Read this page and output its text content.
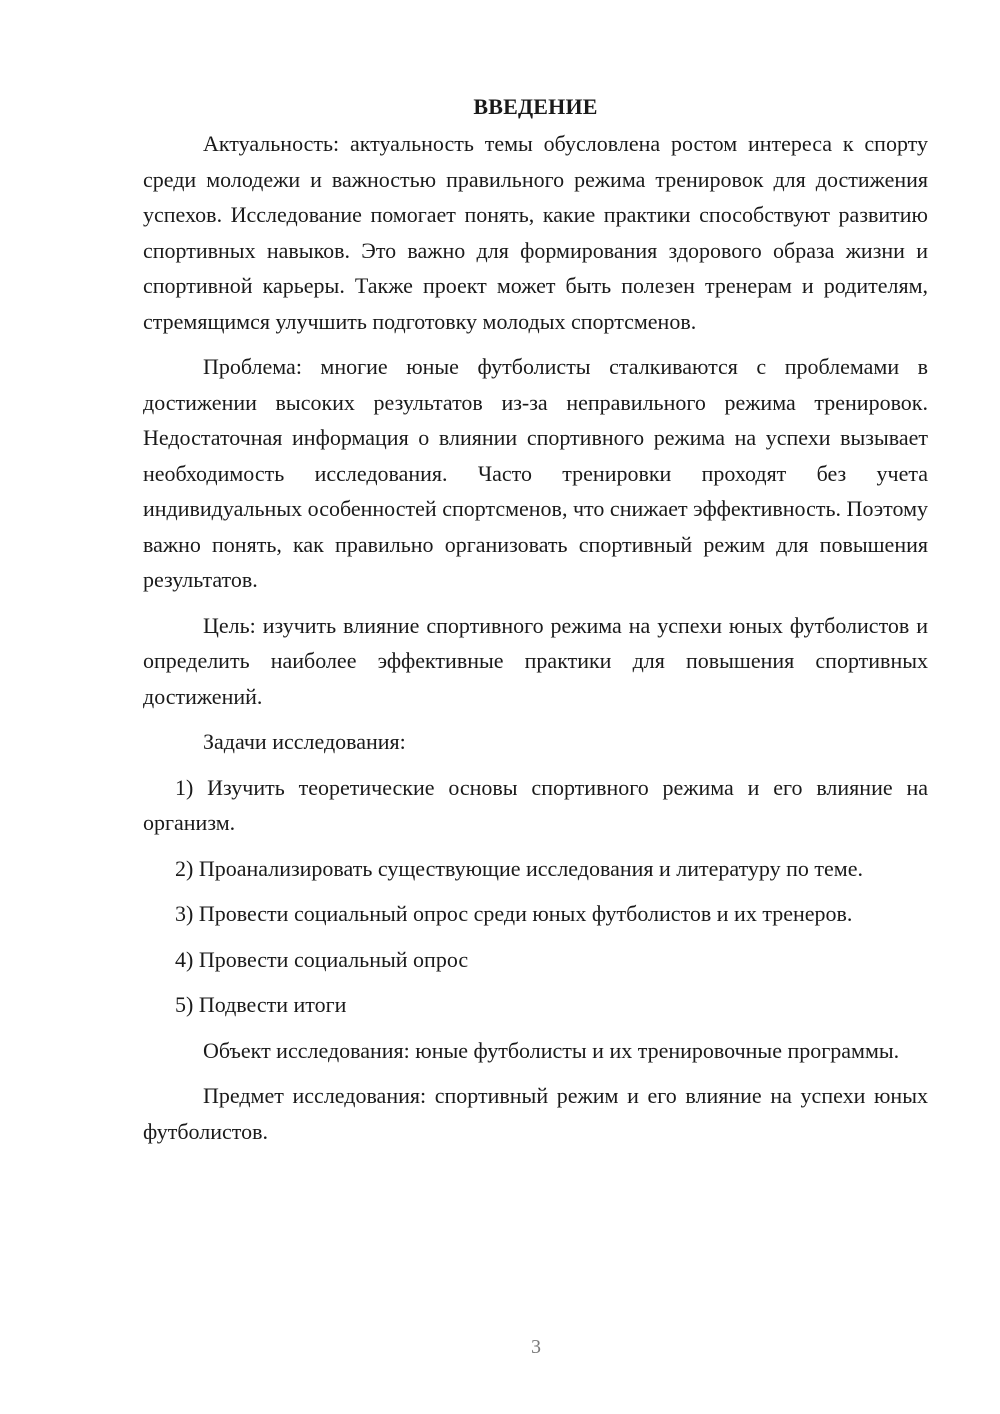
ВВЕДЕНИЕ

Актуальность: актуальность темы обусловлена ростом интереса к спорту среди молодежи и важностью правильного режима тренировок для достижения успехов. Исследование помогает понять, какие практики способствуют развитию спортивных навыков. Это важно для формирования здорового образа жизни и спортивной карьеры. Также проект может быть полезен тренерам и родителям, стремящимся улучшить подготовку молодых спортсменов.

Проблема: многие юные футболисты сталкиваются с проблемами в достижении высоких результатов из-за неправильного режима тренировок. Недостаточная информация о влиянии спортивного режима на успехи вызывает необходимость исследования. Часто тренировки проходят без учета индивидуальных особенностей спортсменов, что снижает эффективность. Поэтому важно понять, как правильно организовать спортивный режим для повышения результатов.

Цель: изучить влияние спортивного режима на успехи юных футболистов и определить наиболее эффективные практики для повышения спортивных достижений.

Задачи исследования:

1) Изучить теоретические основы спортивного режима и его влияние на организм.

2) Проанализировать существующие исследования и литературу по теме.

3) Провести социальный опрос среди юных футболистов и их тренеров.

4) Провести социальный опрос

5) Подвести итоги

Объект исследования: юные футболисты и их тренировочные программы.

Предмет исследования: спортивный режим и его влияние на успехи юных футболистов.

3
